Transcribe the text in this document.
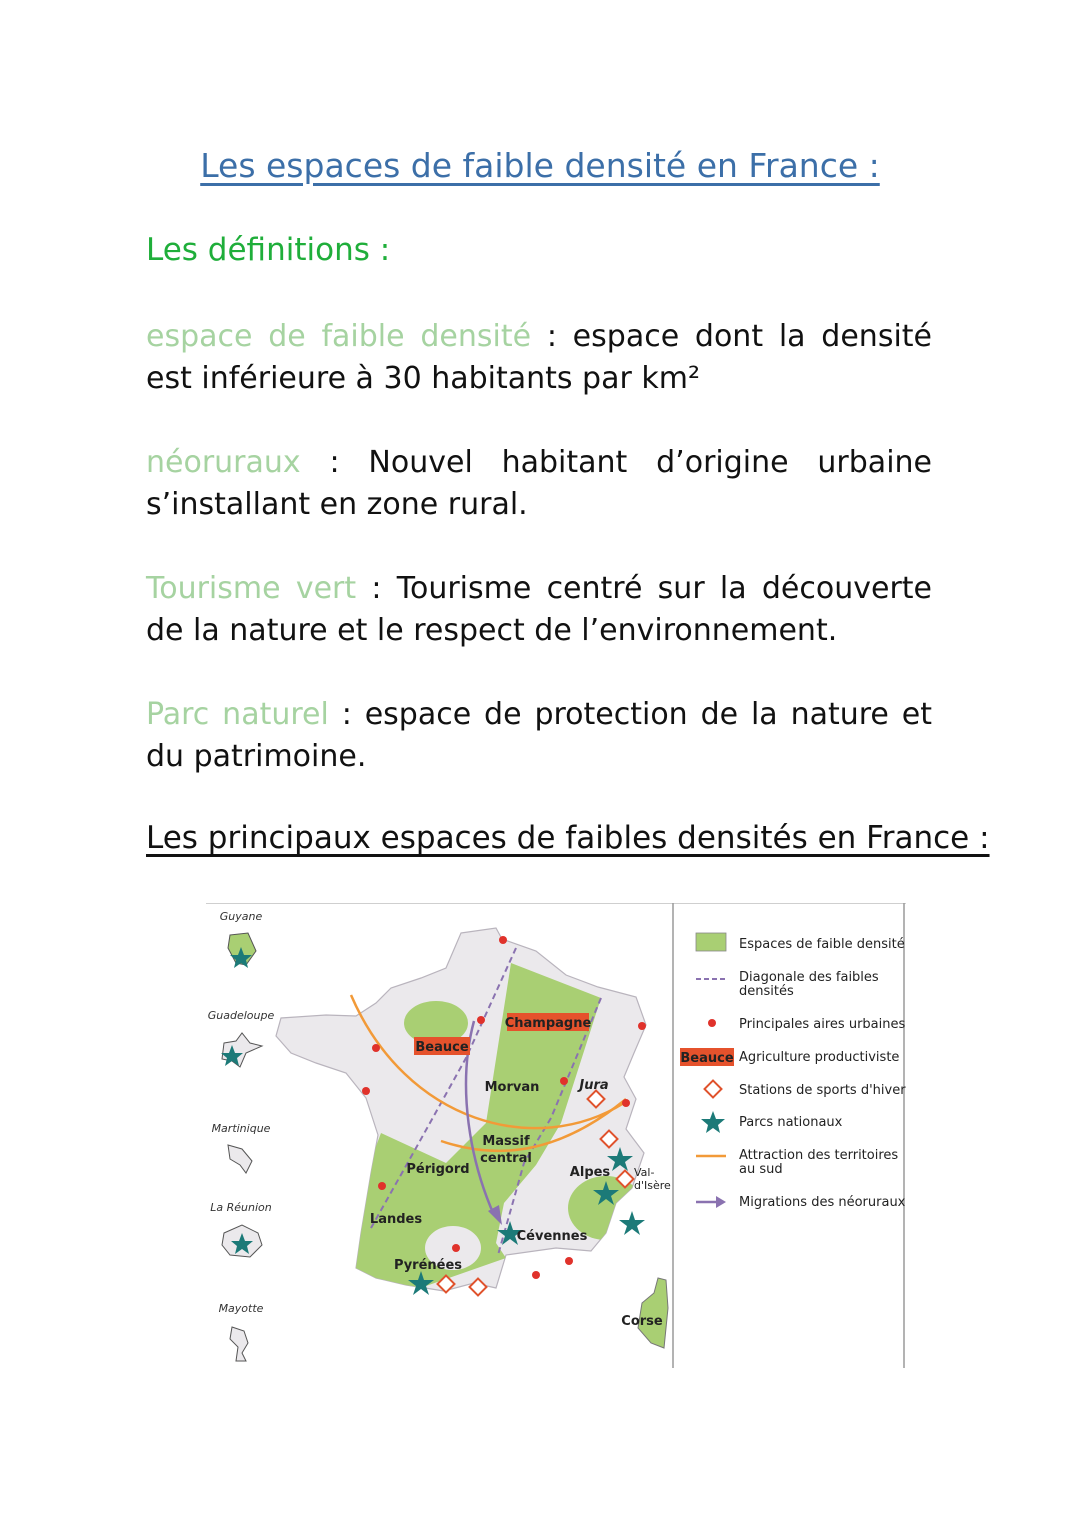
Les espaces de faible densité en France :
Les définitions :
espace de faible densité : espace dont la densité est inférieure à 30 habitants par km²
néoruraux : Nouvel habitant d’origine urbaine s’installant en zone rural.
Tourisme vert : Tourisme centré sur la découverte de la nature et le respect de l’environnement.
Parc naturel : espace de protection de la nature et du patrimoine.
Les principaux espaces de faibles densités en France :
Beauce
Champagne
Morvan	Jura
Massif central
Périgord	Alpes Val-d'Isère
Landes
Cévennes
Pyrénées
Corse
Guyane
Guadeloupe
Martinique
La Réunion
Mayotte
Espaces de faible densité
Diagonale des faibles densités
Principales aires urbaines
Beauce Agriculture productiviste
Stations de sports d'hiver
Parcs nationaux
Attraction des territoires au sud
Migrations des néoruraux
